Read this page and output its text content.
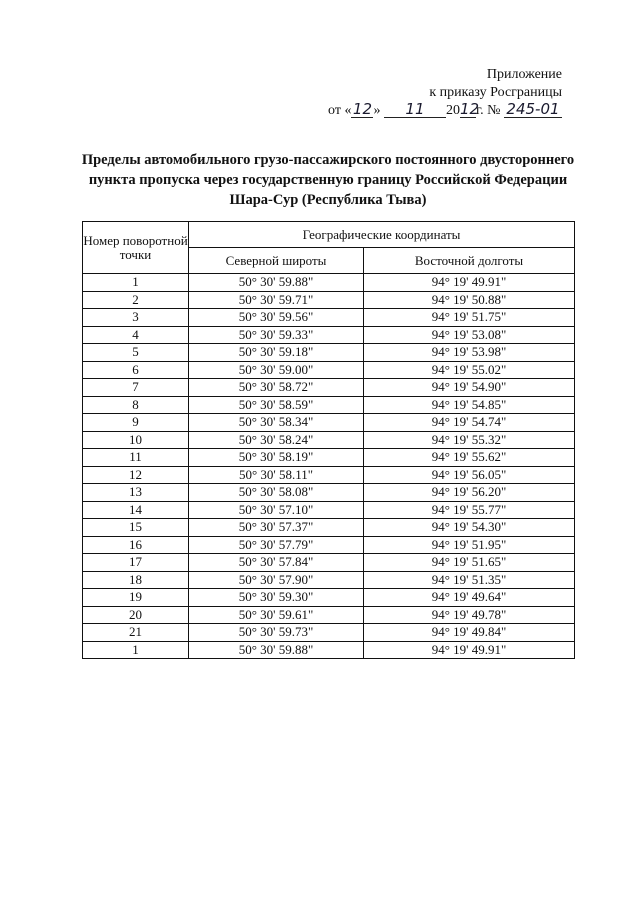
Приложение
к приказу Росграницы
от «12» 11 2012г. № 245-01
Пределы автомобильного грузо-пассажирского постоянного двустороннего
пункта пропуска через государственную границу Российской Федерации
Шара-Сур (Республика Тыва)
Номер поворотной точки	Географические координаты	
	Северной широты	Восточной долготы
1	50° 30' 59.88"	94° 19' 49.91"
2	50° 30' 59.71"	94° 19' 50.88"
3	50° 30' 59.56"	94° 19' 51.75"
4	50° 30' 59.33"	94° 19' 53.08"
5	50° 30' 59.18"	94° 19' 53.98"
6	50° 30' 59.00"	94° 19' 55.02"
7	50° 30' 58.72"	94° 19' 54.90"
8	50° 30' 58.59"	94° 19' 54.85"
9	50° 30' 58.34"	94° 19' 54.74"
10	50° 30' 58.24"	94° 19' 55.32"
11	50° 30' 58.19"	94° 19' 55.62"
12	50° 30' 58.11"	94° 19' 56.05"
13	50° 30' 58.08"	94° 19' 56.20"
14	50° 30' 57.10"	94° 19' 55.77"
15	50° 30' 57.37"	94° 19' 54.30"
16	50° 30' 57.79"	94° 19' 51.95"
17	50° 30' 57.84"	94° 19' 51.65"
18	50° 30' 57.90"	94° 19' 51.35"
19	50° 30' 59.30"	94° 19' 49.64"
20	50° 30' 59.61"	94° 19' 49.78"
21	50° 30' 59.73"	94° 19' 49.84"
1	50° 30' 59.88"	94° 19' 49.91"
